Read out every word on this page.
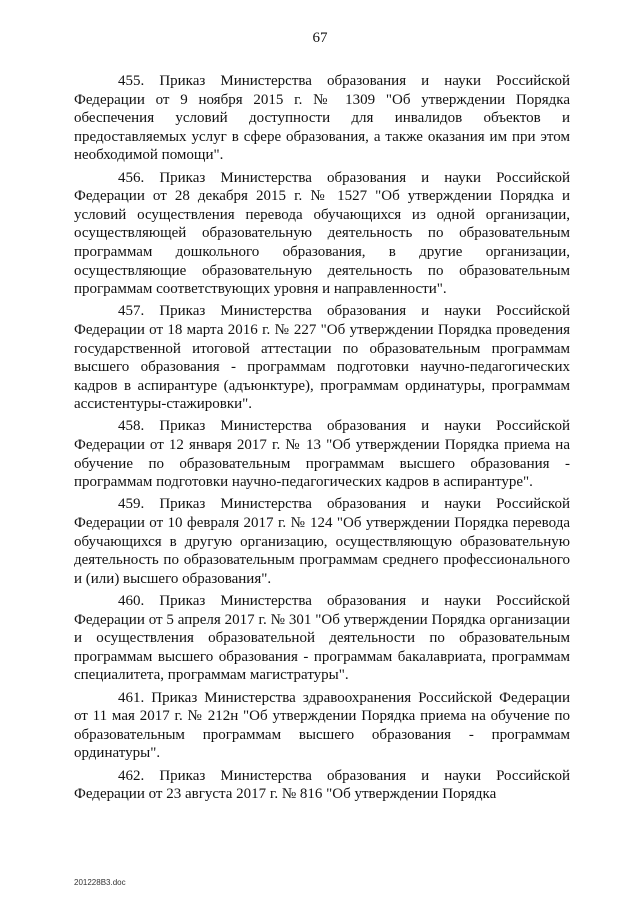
67

455. Приказ Министерства образования и науки Российской Федерации от 9 ноября 2015 г. № 1309 "Об утверждении Порядка обеспечения условий доступности для инвалидов объектов и предоставляемых услуг в сфере образования, а также оказания им при этом необходимой помощи".

456. Приказ Министерства образования и науки Российской Федерации от 28 декабря 2015 г. № 1527 "Об утверждении Порядка и условий осуществления перевода обучающихся из одной организации, осуществляющей образовательную деятельность по образовательным программам дошкольного образования, в другие организации, осуществляющие образовательную деятельность по образовательным программам соответствующих уровня и направленности".

457. Приказ Министерства образования и науки Российской Федерации от 18 марта 2016 г. № 227 "Об утверждении Порядка проведения государственной итоговой аттестации по образовательным программам высшего образования - программам подготовки научно-педагогических кадров в аспирантуре (адъюнктуре), программам ординатуры, программам ассистентуры-стажировки".

458. Приказ Министерства образования и науки Российской Федерации от 12 января 2017 г. № 13 "Об утверждении Порядка приема на обучение по образовательным программам высшего образования - программам подготовки научно-педагогических кадров в аспирантуре".

459. Приказ Министерства образования и науки Российской Федерации от 10 февраля 2017 г. № 124 "Об утверждении Порядка перевода обучающихся в другую организацию, осуществляющую образовательную деятельность по образовательным программам среднего профессионального и (или) высшего образования".

460. Приказ Министерства образования и науки Российской Федерации от 5 апреля 2017 г. № 301 "Об утверждении Порядка организации и осуществления образовательной деятельности по образовательным программам высшего образования - программам бакалавриата, программам специалитета, программам магистратуры".

461. Приказ Министерства здравоохранения Российской Федерации от 11 мая 2017 г. № 212н "Об утверждении Порядка приема на обучение по образовательным программам высшего образования - программам ординатуры".

462. Приказ Министерства образования и науки Российской Федерации от 23 августа 2017 г. № 816 "Об утверждении Порядка

201228В3.doc
